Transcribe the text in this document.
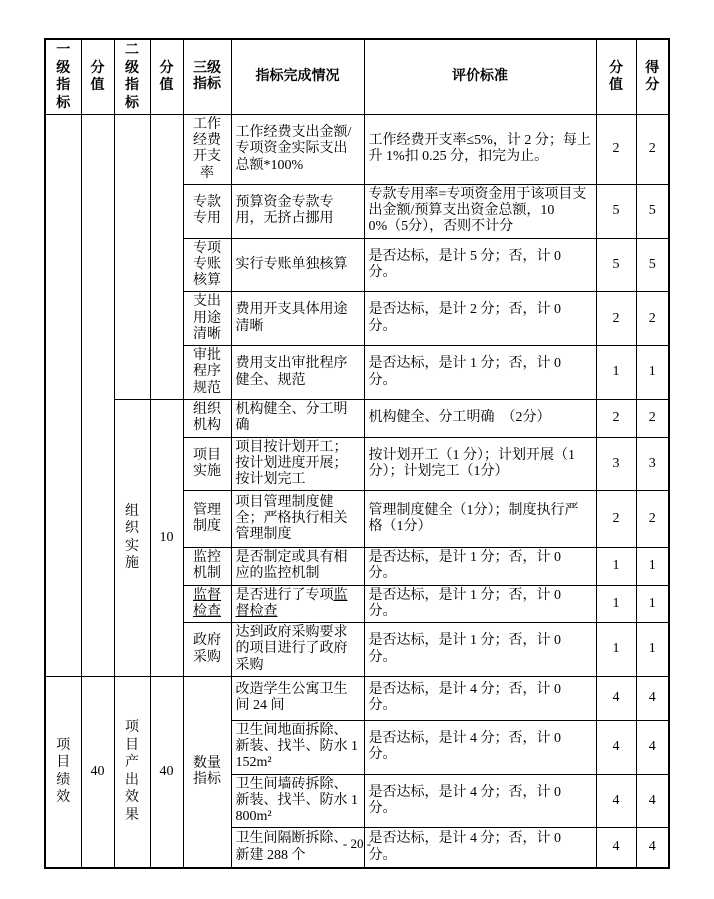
一级指标	分值	二级指标	分值	三级指标	指标完成情况	评价标准	分值	得分
				工作经费开支率	工作经费支出金额/专项资金实际支出总额*100%	工作经费开支率≤5%，计 2 分；每上升 1%扣 0.25 分，扣完为止。	2	2
				专款专用	预算资金专款专用，无挤占挪用	专款专用率=专项资金用于该项目支出金额/预算支出资金总额，100%（5分），否则不计分	5	5
				专项专账核算	实行专账单独核算	是否达标，是计 5 分；否，计 0 分。	5	5
				支出用途清晰	费用开支具体用途清晰	是否达标，是计 2 分；否，计 0 分。	2	2
				审批程序规范	费用支出审批程序健全、规范	是否达标，是计 1 分；否，计 0 分。	1	1
		组织实施	10	组织机构	机构健全、分工明确	机构健全、分工明确　（2分）	2	2
				项目实施	项目按计划开工；按计划进度开展；按计划完工	按计划开工（1 分）；计划开展（1分）；计划完工（1分）	3	3
				管理制度	项目管理制度健全；严格执行相关管理制度	管理制度健全（1分）；制度执行严格（1分）	2	2
				监控机制	是否制定或具有相应的监控机制	是否达标，是计 1 分；否，计 0 分。	1	1
				监督检查	是否进行了专项监督检查	是否达标，是计 1 分；否，计 0 分。	1	1
				政府采购	达到政府采购要求的项目进行了政府采购	是否达标，是计 1 分；否，计 0 分。	1	1
项目绩效	40	项目产出效果	40	数量指标	改造学生公寓卫生间 24 间	是否达标，是计 4 分；否，计 0 分。	4	4
					卫生间地面拆除、新装、找半、防水 1152m²	是否达标，是计 4 分；否，计 0 分。	4	4
					卫生间墙砖拆除、新装、找半、防水 1800m²	是否达标，是计 4 分；否，计 0 分。	4	4
					卫生间隔断拆除、新建 288 个	是否达标，是计 4 分；否，计 0 分。	4	4
- 20 -
